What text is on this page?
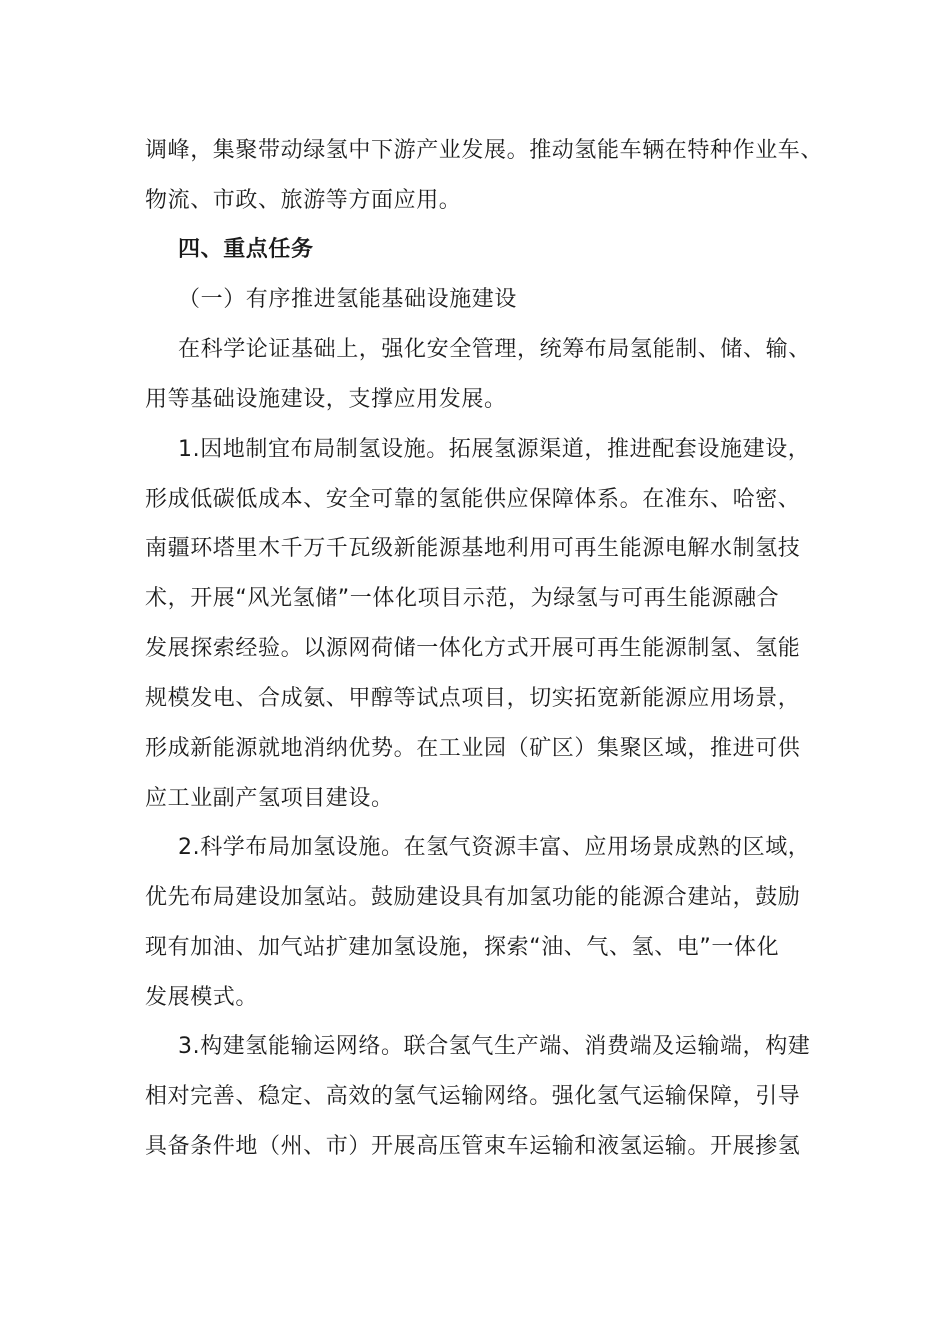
调峰，集聚带动绿氢中下游产业发展。推动氢能车辆在特种作业车、
物流、市政、旅游等方面应用。
四、重点任务
（一）有序推进氢能基础设施建设
在科学论证基础上，强化安全管理，统筹布局氢能制、储、输、
用等基础设施建设，支撑应用发展。
1.因地制宜布局制氢设施。拓展氢源渠道，推进配套设施建设，
形成低碳低成本、安全可靠的氢能供应保障体系。在准东、哈密、
南疆环塔里木千万千瓦级新能源基地利用可再生能源电解水制氢技
术，开展“风光氢储”一体化项目示范，为绿氢与可再生能源融合
发展探索经验。以源网荷储一体化方式开展可再生能源制氢、氢能
规模发电、合成氨、甲醇等试点项目，切实拓宽新能源应用场景，
形成新能源就地消纳优势。在工业园（矿区）集聚区域，推进可供
应工业副产氢项目建设。
2.科学布局加氢设施。在氢气资源丰富、应用场景成熟的区域，
优先布局建设加氢站。鼓励建设具有加氢功能的能源合建站，鼓励
现有加油、加气站扩建加氢设施，探索“油、气、氢、电”一体化
发展模式。
3.构建氢能输运网络。联合氢气生产端、消费端及运输端，构建
相对完善、稳定、高效的氢气运输网络。强化氢气运输保障，引导
具备条件地（州、市）开展高压管束车运输和液氢运输。开展掺氢
